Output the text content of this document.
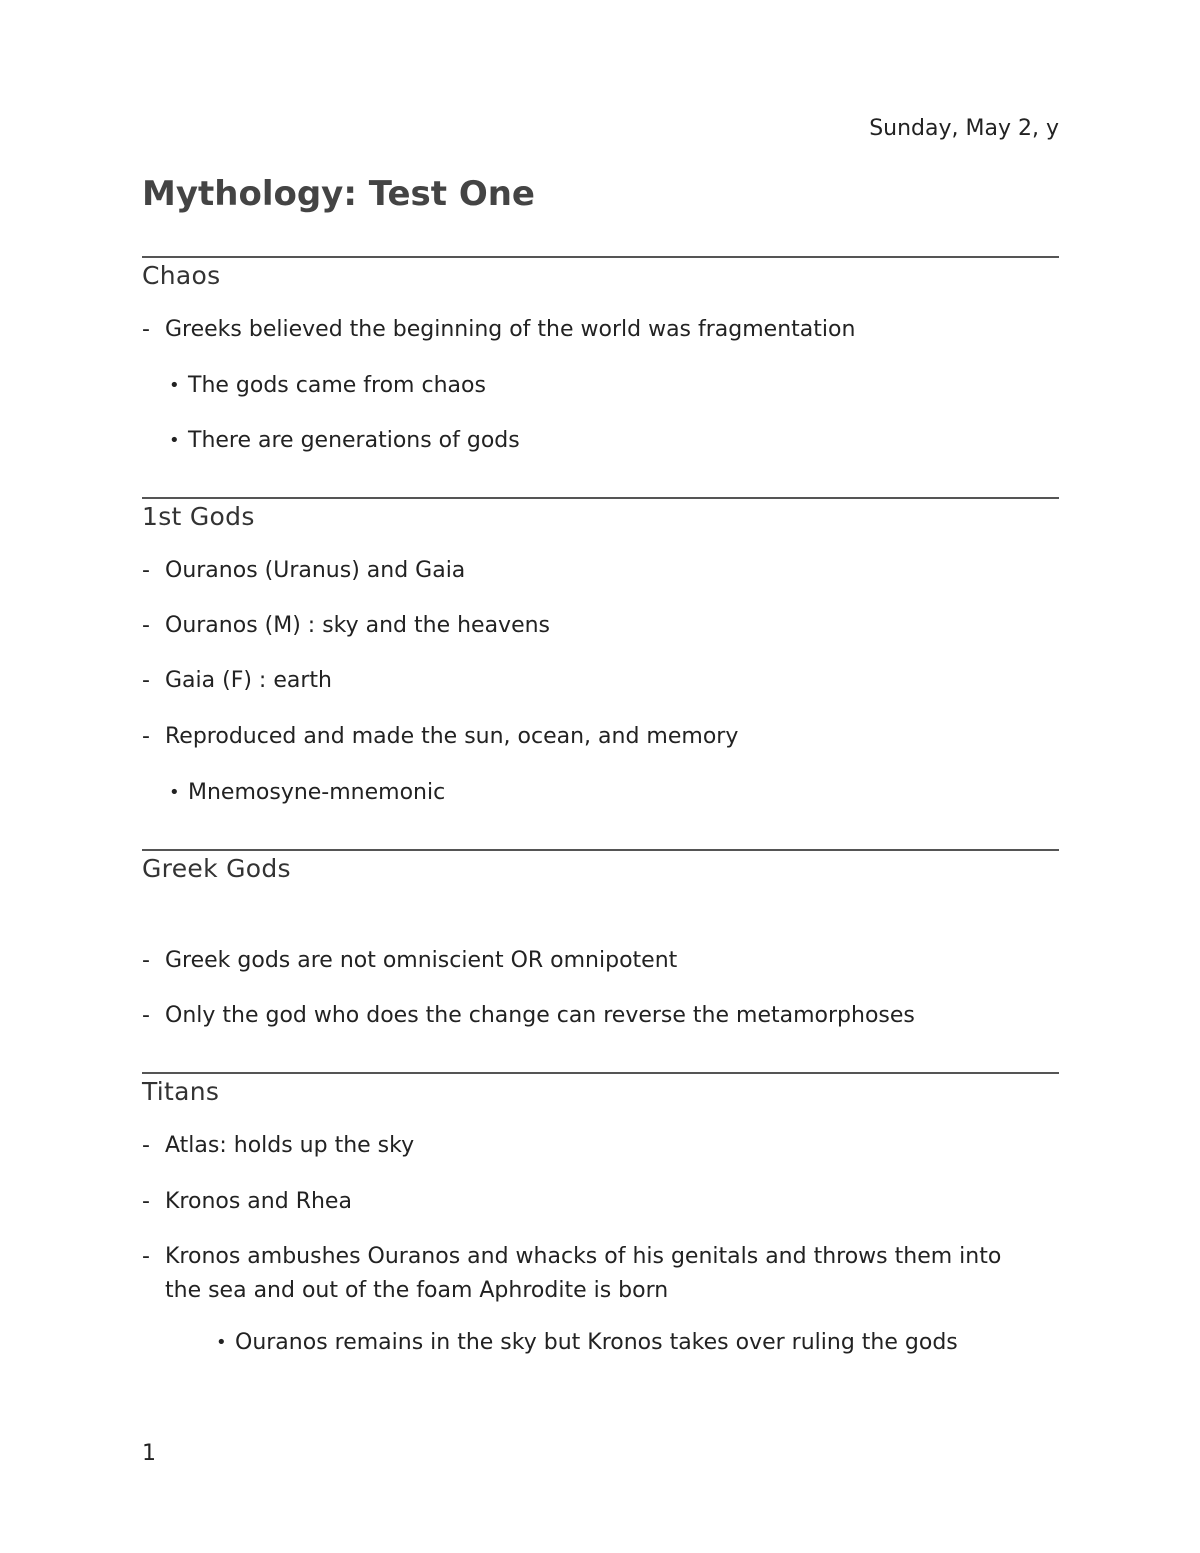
Sunday, May 2, y
Mythology: Test One
Chaos
- Greeks believed the beginning of the world was fragmentation
• The gods came from chaos
• There are generations of gods
1st Gods
- Ouranos (Uranus) and Gaia
- Ouranos (M) : sky and the heavens
- Gaia (F) : earth
- Reproduced and made the sun, ocean, and memory
• Mnemosyne-mnemonic
Greek Gods
- Greek gods are not omniscient OR omnipotent
- Only the god who does the change can reverse the metamorphoses
Titans
- Atlas: holds up the sky
- Kronos and Rhea
- Kronos ambushes Ouranos and whacks of his genitals and throws them into the sea and out of the foam Aphrodite is born
• Ouranos remains in the sky but Kronos takes over ruling the gods
1
